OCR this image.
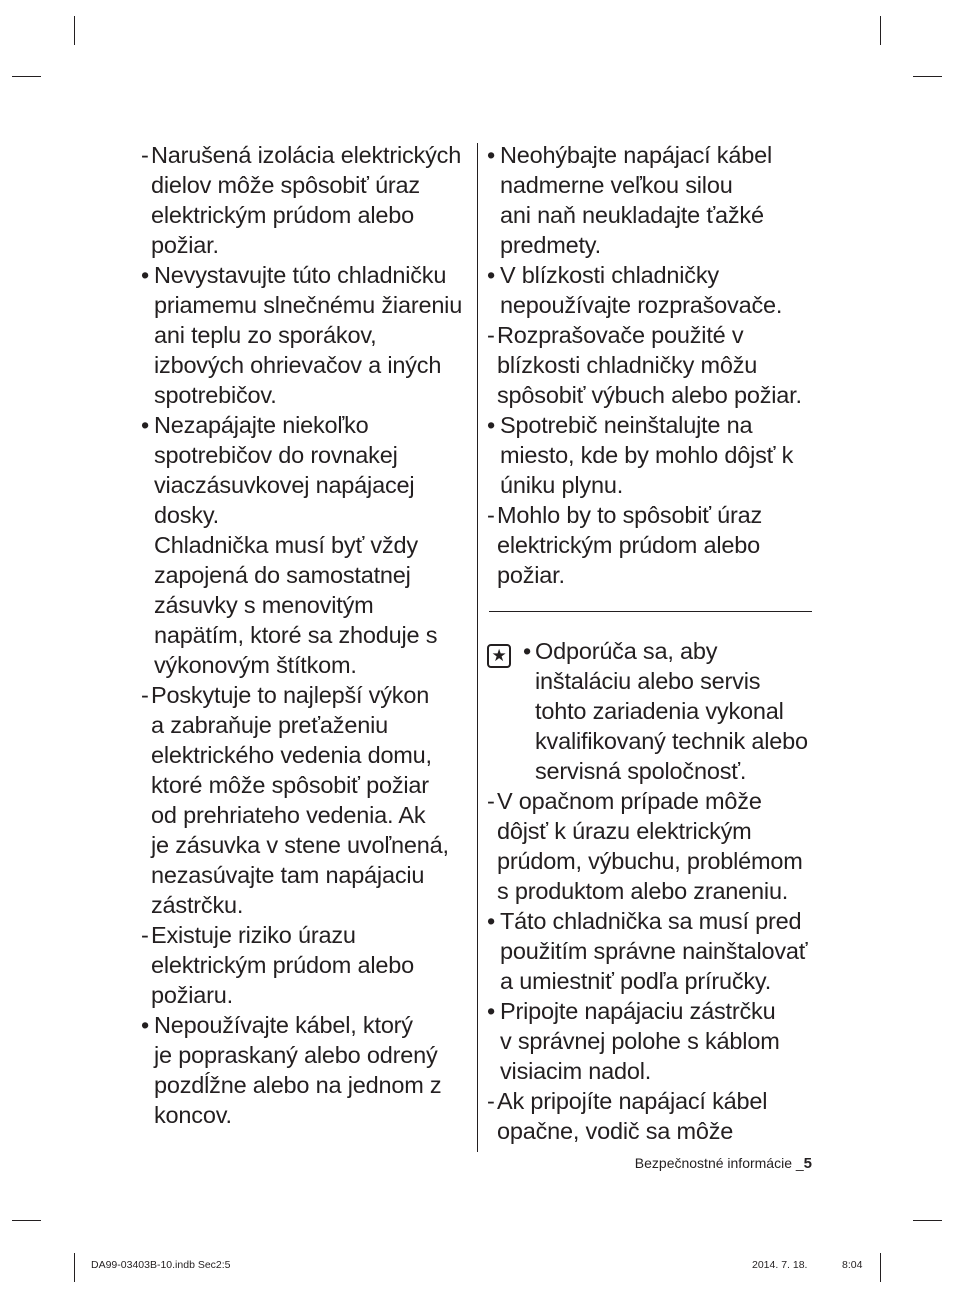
- Narušená izolácia elektrických
dielov môže spôsobiť úraz
elektrickým prúdom alebo
požiar.
• Nevystavujte túto chladničku
priamemu slnečnému žiareniu
ani teplu zo sporákov,
izbových ohrievačov a iných
spotrebičov.
• Nezapájajte niekoľko
spotrebičov do rovnakej
viaczásuvkovej napájacej
dosky.
Chladnička musí byť vždy
zapojená do samostatnej
zásuvky s menovitým
napätím, ktoré sa zhoduje s
výkonovým štítkom.
- Poskytuje to najlepší výkon
a zabraňuje preťaženiu
elektrického vedenia domu,
ktoré môže spôsobiť požiar
od prehriateho vedenia. Ak
je zásuvka v stene uvoľnená,
nezasúvajte tam napájaciu
zástrčku.
- Existuje riziko úrazu
elektrickým prúdom alebo
požiaru.
• Nepoužívajte kábel, ktorý
je popraskaný alebo odrený
pozdĺžne alebo na jednom z
koncov.
• Neohýbajte napájací kábel
nadmerne veľkou silou
ani naň neukladajte ťažké
predmety.
• V blízkosti chladničky
nepoužívajte rozprašovače.
- Rozprašovače použité v
blízkosti chladničky môžu
spôsobiť výbuch alebo požiar.
• Spotrebič neinštalujte na
miesto, kde by mohlo dôjsť k
úniku plynu.
- Mohlo by to spôsobiť úraz
elektrickým prúdom alebo
požiar.
★ • Odporúča sa, aby
inštaláciu alebo servis
tohto zariadenia vykonal
kvalifikovaný technik alebo
servisná spoločnosť.
- V opačnom prípade môže
dôjsť k úrazu elektrickým
prúdom, výbuchu, problémom
s produktom alebo zraneniu.
• Táto chladnička sa musí pred
použitím správne nainštalovať
a umiestniť podľa príručky.
• Pripojte napájaciu zástrčku
v správnej polohe s káblom
visiacim nadol.
- Ak pripojíte napájací kábel
opačne, vodič sa môže
Bezpečnostné informácie _5
DA99-03403B-10.indb Sec2:5	2014. 7. 18.	8:04
